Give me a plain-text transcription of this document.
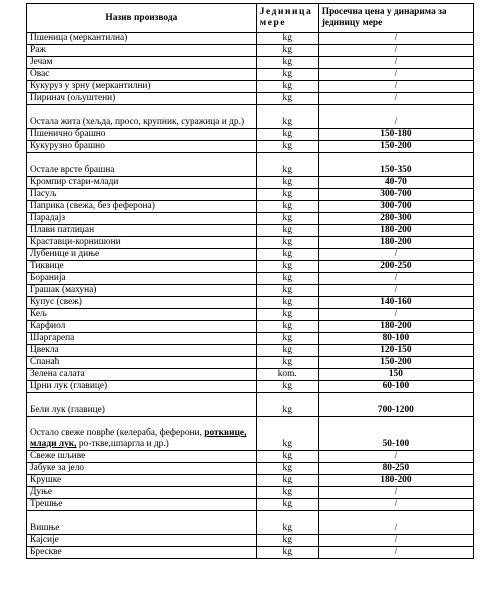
Назив производа	Јединица мере	Просечна цена у динарима за јединицу мере
Пшеница (меркантилна)	kg	/
Раж	kg	/
Јечам	kg	/
Овас	kg	/
Кукуруз у зрну (меркантилни)	kg	/
Пиринач (ољуштени)	kg	/
Остала жита (хељда, просо, крупник, суражица и др.)	kg	/
Пшенично брашно	kg	150-180
Кукурузно брашно	kg	150-200
Остале врсте брашна	kg	150-350
Кромпир стари-млади	kg	40-70
Пасуљ	kg	300-700
Паприка (свежа, без феферона)	kg	300-700
Парадајз	kg	280-300
Плави патлиџан	kg	180-200
Краставци-корнишони	kg	180-200
Лубенице и диње	kg	/
Тиквице	kg	200-250
Боранија	kg	/
Грашак (махуна)	kg	/
Купус (свеж)	kg	140-160
Кељ	kg	/
Карфиол	kg	180-200
Шаргарепа	kg	80-100
Цвекла	kg	120-150
Спанаћ	kg	150-200
Зелена салата	kom.	150
Црни лук (главице)	kg	60-100
Бели лук (главице)	kg	700-1200
Остало свеже поврће (келераба, феферони, ротквице, млади лук, ро-ткве,шпаргла и др.)	kg	50-100
Свеже шљиве	kg	/
Јабуке за јело	kg	80-250
Крушке	kg	180-200
Дуње	kg	/
Трешње	kg	/
Вишње	kg	/
Кајсије	kg	/
Брескве	kg	/
